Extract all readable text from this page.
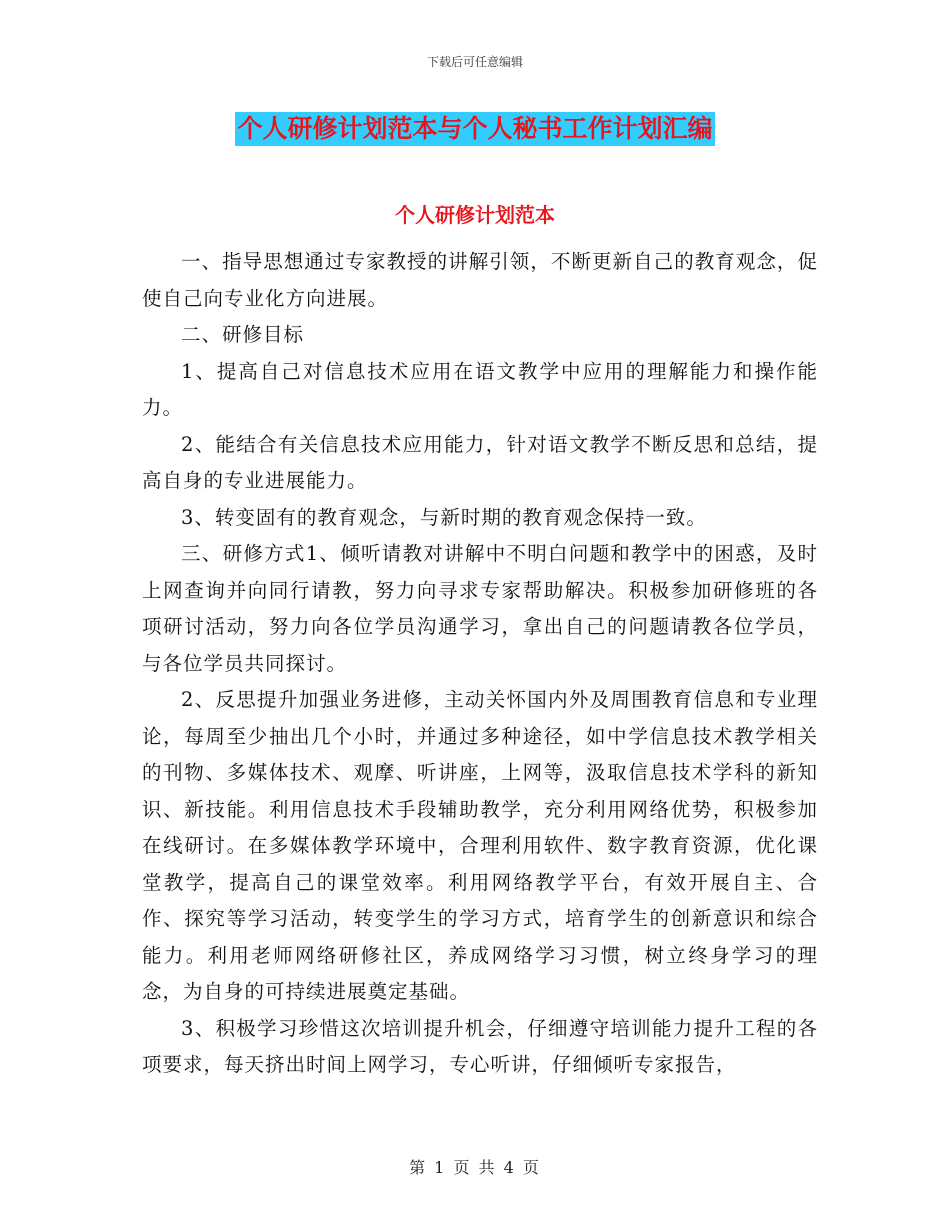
下载后可任意编辑
个人研修计划范本与个人秘书工作计划汇编
个人研修计划范本

一、指导思想通过专家教授的讲解引领，不断更新自己的教育观念，促使自己向专业化方向进展。

二、研修目标

1、提高自己对信息技术应用在语文教学中应用的理解能力和操作能力。

2、能结合有关信息技术应用能力，针对语文教学不断反思和总结，提高自身的专业进展能力。

3、转变固有的教育观念，与新时期的教育观念保持一致。

三、研修方式1、倾听请教对讲解中不明白问题和教学中的困惑，及时上网查询并向同行请教，努力向寻求专家帮助解决。积极参加研修班的各项研讨活动，努力向各位学员沟通学习，拿出自己的问题请教各位学员，与各位学员共同探讨。

2、反思提升加强业务进修，主动关怀国内外及周围教育信息和专业理论，每周至少抽出几个小时，并通过多种途径，如中学信息技术教学相关的刊物、多媒体技术、观摩、听讲座，上网等，汲取信息技术学科的新知识、新技能。利用信息技术手段辅助教学，充分利用网络优势，积极参加在线研讨。在多媒体教学环境中，合理利用软件、数字教育资源，优化课堂教学，提高自己的课堂效率。利用网络教学平台，有效开展自主、合作、探究等学习活动，转变学生的学习方式，培育学生的创新意识和综合能力。利用老师网络研修社区，养成网络学习习惯，树立终身学习的理念，为自身的可持续进展奠定基础。

3、积极学习珍惜这次培训提升机会，仔细遵守培训能力提升工程的各项要求，每天挤出时间上网学习，专心听讲，仔细倾听专家报告，

第 1 页 共 4 页
